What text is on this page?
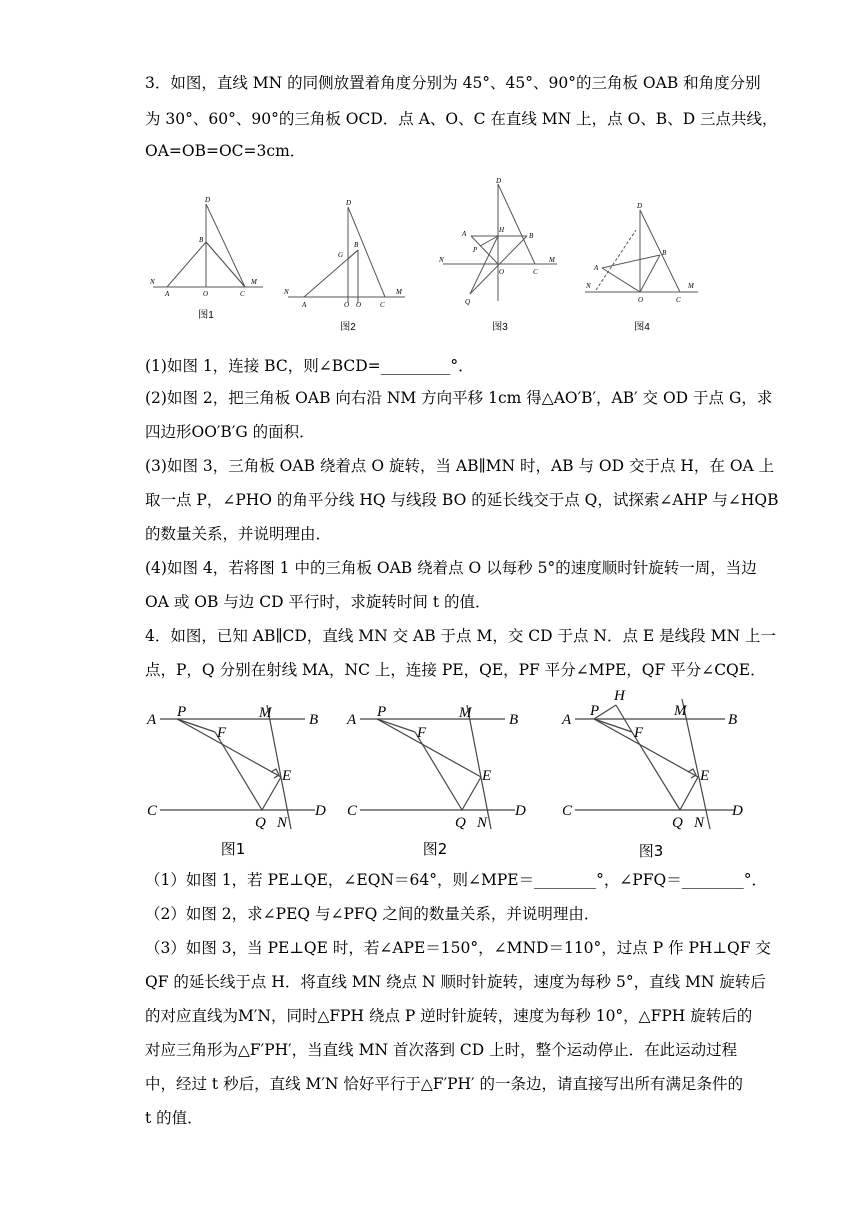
3．如图，直线 MN 的同侧放置着角度分别为 45°、45°、90°的三角板 OAB 和角度分别
为 30°、60°、90°的三角板 OCD．点 A、O、C 在直线 MN 上，点 O、B、D 三点共线，
OA=OB=OC=3cm．
D
B
N
A	O	C
M
图1
D
B
G
N
A	O O	C
M
图2
D
A	H
B
P
N
O	C
M
Q
图3
D
B
A
N
O	C
M
图4
(1)如图 1，连接 BC，则∠BCD=_________°．
(2)如图 2，把三角板 OAB 向右沿 NM 方向平移 1cm 得△AO′B′，AB′ 交 OD 于点 G，求
四边形OO′B′G 的面积．
(3)如图 3，三角板 OAB 绕着点 O 旋转，当 AB∥MN 时，AB 与 OD 交于点 H，在 OA 上
取一点 P，∠PHO 的角平分线 HQ 与线段 BO 的延长线交于点 Q，试探索∠AHP 与∠HQB
的数量关系，并说明理由．
(4)如图 4，若将图 1 中的三角板 OAB 绕着点 O 以每秒 5°的速度顺时针旋转一周，当边
OA 或 OB 与边 CD 平行时，求旋转时间 t 的值．
4．如图，已知 AB∥CD，直线 MN 交 AB 于点 M，交 CD 于点 N．点 E 是线段 MN 上一
点，P，Q 分别在射线 MA，NC 上，连接 PE，QE，PF 平分∠MPE，QF 平分∠CQE．
A P	M	B
F
E
C
Q N
D
图1
A P	M	B
F
E
C
Q N
D
图2
A
P
H
M
B
F
E
C
Q N
D
图3
（1）如图 1，若 PE⊥QE，∠EQN＝64°，则∠MPE＝________°，∠PFQ＝________°．
（2）如图 2，求∠PEQ 与∠PFQ 之间的数量关系，并说明理由．
（3）如图 3，当 PE⊥QE 时，若∠APE＝150°，∠MND＝110°，过点 P 作 PH⊥QF 交
QF 的延长线于点 H．将直线 MN 绕点 N 顺时针旋转，速度为每秒 5°，直线 MN 旋转后
的对应直线为M′N，同时△FPH 绕点 P 逆时针旋转，速度为每秒 10°，△FPH 旋转后的
对应三角形为△F′PH′，当直线 MN 首次落到 CD 上时，整个运动停止．在此运动过程
中，经过 t 秒后，直线 M′N 恰好平行于△F′PH′ 的一条边，请直接写出所有满足条件的
t 的值．
